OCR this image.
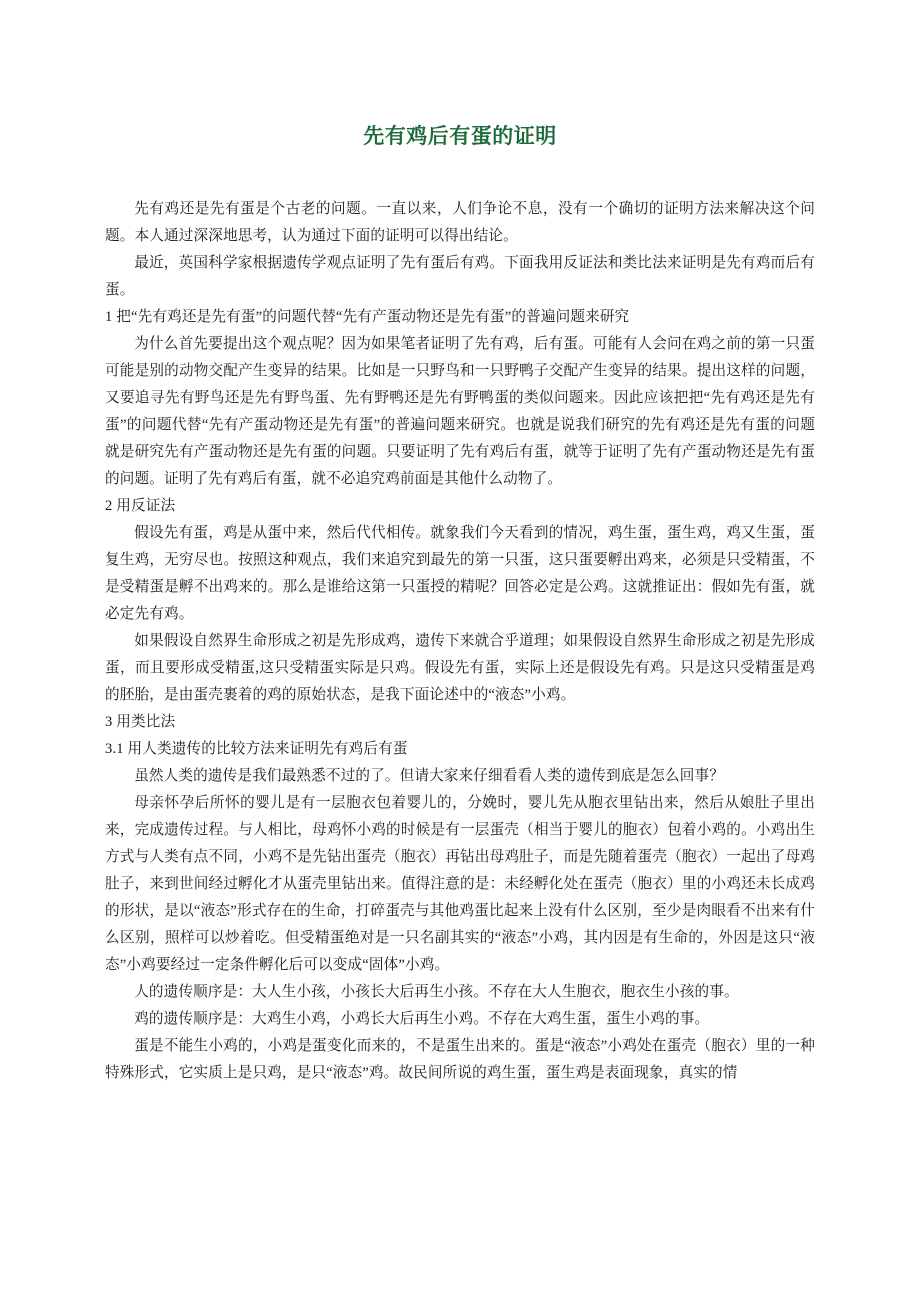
先有鸡后有蛋的证明

先有鸡还是先有蛋是个古老的问题。一直以来，人们争论不息，没有一个确切的证明方法来解决这个问题。本人通过深深地思考，认为通过下面的证明可以得出结论。

最近，英国科学家根据遗传学观点证明了先有蛋后有鸡。下面我用反证法和类比法来证明是先有鸡而后有蛋。

1 把“先有鸡还是先有蛋”的问题代替“先有产蛋动物还是先有蛋”的普遍问题来研究

为什么首先要提出这个观点呢？因为如果笔者证明了先有鸡，后有蛋。可能有人会问在鸡之前的第一只蛋可能是别的动物交配产生变异的结果。比如是一只野鸟和一只野鸭子交配产生变异的结果。提出这样的问题，又要追寻先有野鸟还是先有野鸟蛋、先有野鸭还是先有野鸭蛋的类似问题来。因此应该把把“先有鸡还是先有蛋”的问题代替“先有产蛋动物还是先有蛋”的普遍问题来研究。也就是说我们研究的先有鸡还是先有蛋的问题就是研究先有产蛋动物还是先有蛋的问题。只要证明了先有鸡后有蛋，就等于证明了先有产蛋动物还是先有蛋的问题。证明了先有鸡后有蛋，就不必追究鸡前面是其他什么动物了。

2 用反证法

假设先有蛋，鸡是从蛋中来，然后代代相传。就象我们今天看到的情况，鸡生蛋，蛋生鸡，鸡又生蛋，蛋复生鸡，无穷尽也。按照这种观点，我们来追究到最先的第一只蛋，这只蛋要孵出鸡来，必须是只受精蛋，不是受精蛋是孵不出鸡来的。那么是谁给这第一只蛋授的精呢？回答必定是公鸡。这就推证出：假如先有蛋，就必定先有鸡。

如果假设自然界生命形成之初是先形成鸡，遗传下来就合乎道理；如果假设自然界生命形成之初是先形成蛋，而且要形成受精蛋,这只受精蛋实际是只鸡。假设先有蛋，实际上还是假设先有鸡。只是这只受精蛋是鸡的胚胎，是由蛋壳裹着的鸡的原始状态，是我下面论述中的“液态”小鸡。

3 用类比法
3.1 用人类遗传的比较方法来证明先有鸡后有蛋

虽然人类的遗传是我们最熟悉不过的了。但请大家来仔细看看人类的遗传到底是怎么回事？

母亲怀孕后所怀的婴儿是有一层胞衣包着婴儿的，分娩时，婴儿先从胞衣里钻出来，然后从娘肚子里出来，完成遗传过程。与人相比，母鸡怀小鸡的时候是有一层蛋壳（相当于婴儿的胞衣）包着小鸡的。小鸡出生方式与人类有点不同，小鸡不是先钻出蛋壳（胞衣）再钻出母鸡肚子，而是先随着蛋壳（胞衣）一起出了母鸡肚子，来到世间经过孵化才从蛋壳里钻出来。值得注意的是：未经孵化处在蛋壳（胞衣）里的小鸡还未长成鸡的形状，是以“液态”形式存在的生命，打碎蛋壳与其他鸡蛋比起来上没有什么区别，至少是肉眼看不出来有什么区别，照样可以炒着吃。但受精蛋绝对是一只名副其实的“液态”小鸡，其内因是有生命的，外因是这只“液态”小鸡要经过一定条件孵化后可以变成“固体”小鸡。

人的遗传顺序是：大人生小孩，小孩长大后再生小孩。不存在大人生胞衣，胞衣生小孩的事。

鸡的遗传顺序是：大鸡生小鸡，小鸡长大后再生小鸡。不存在大鸡生蛋，蛋生小鸡的事。

蛋是不能生小鸡的，小鸡是蛋变化而来的，不是蛋生出来的。蛋是“液态”小鸡处在蛋壳（胞衣）里的一种特殊形式，它实质上是只鸡，是只“液态”鸡。故民间所说的鸡生蛋，蛋生鸡是表面现象，真实的情
